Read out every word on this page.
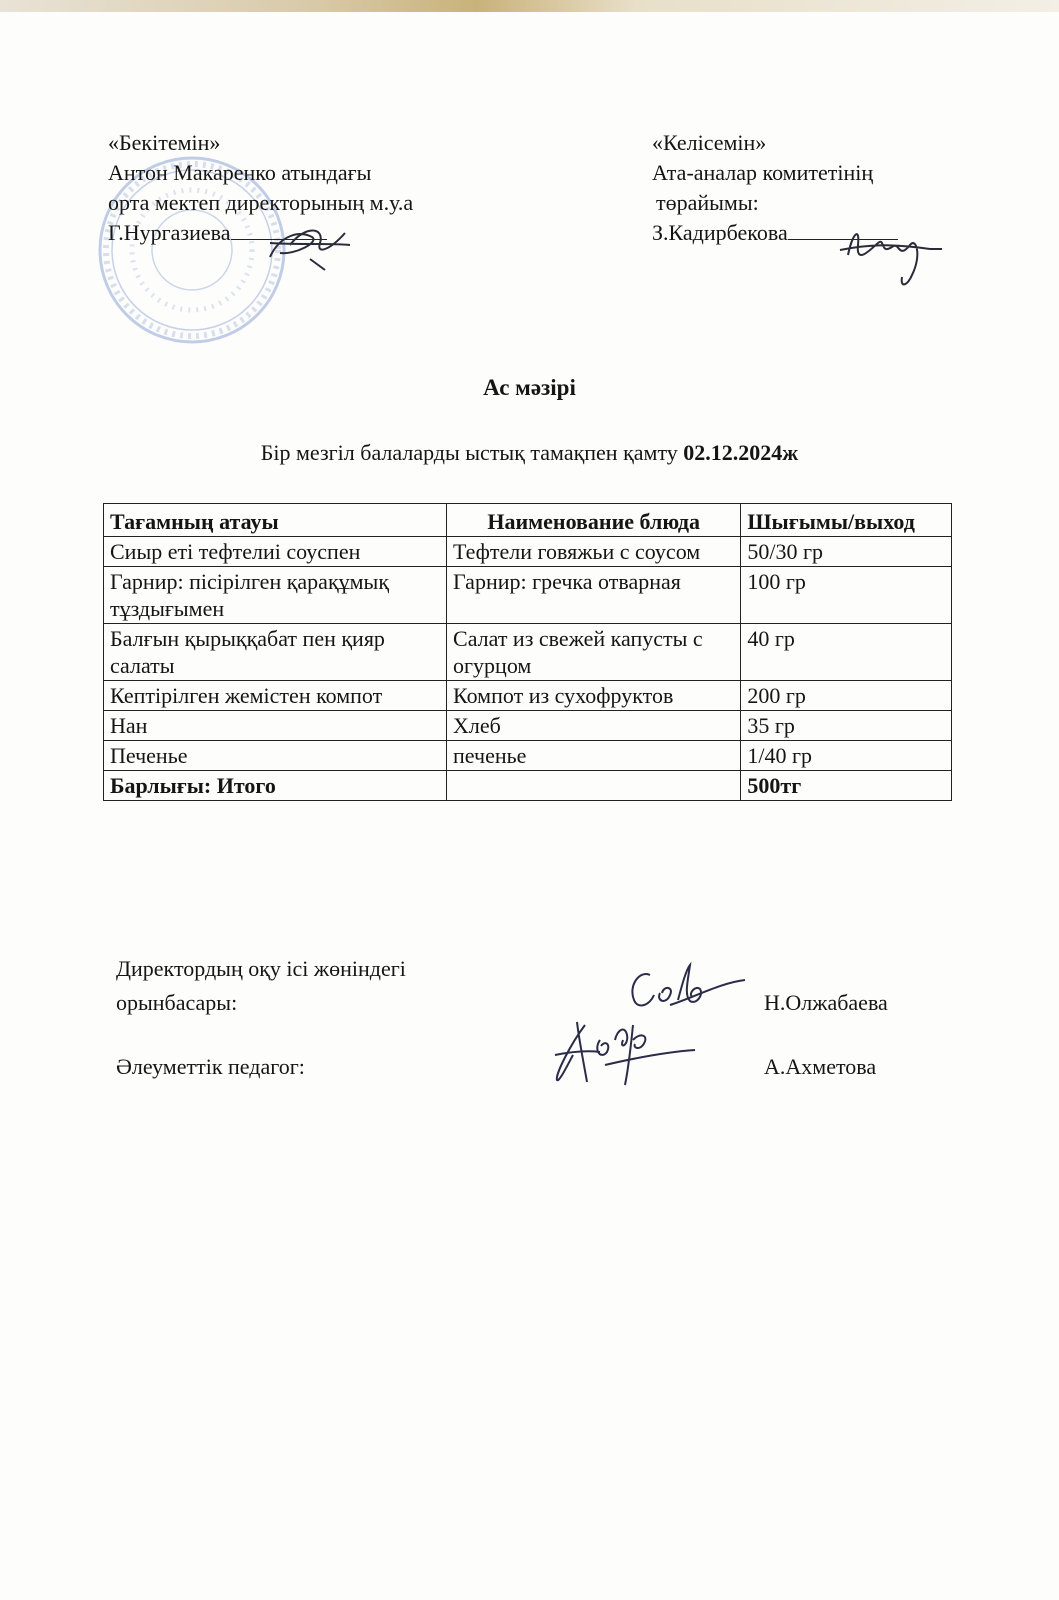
«Бекітемін»
Антон Макаренко атындағы
орта мектеп директорының м.у.а
Г.Нургазиева
«Келісемін»
Ата-аналар комитетінің
төрайымы:
З.Кадирбекова
Ас мәзірі
Бір мезгіл балаларды ыстық тамақпен қамту 02.12.2024ж
Тағамның атауы	Наименование блюда	Шығымы/выход
Сиыр еті тефтелиі соуспен	Тефтели говяжьи с соусом	50/30 гр
Гарнир: пісірілген қарақұмық тұздығымен	Гарнир: гречка отварная	100 гр
Балғын қырыққабат пен қияр салаты	Салат из свежей капусты с огурцом	40 гр
Кептірілген жемістен компот	Компот из сухофруктов	200 гр
Нан	Хлеб	35 гр
Печенье	печенье	1/40 гр
Барлығы: Итого		500тг
Директордың оқу ісі жөніндегі
орынбасары:	Н.Олжабаева
Әлеуметтік педагог:	А.Ахметова
